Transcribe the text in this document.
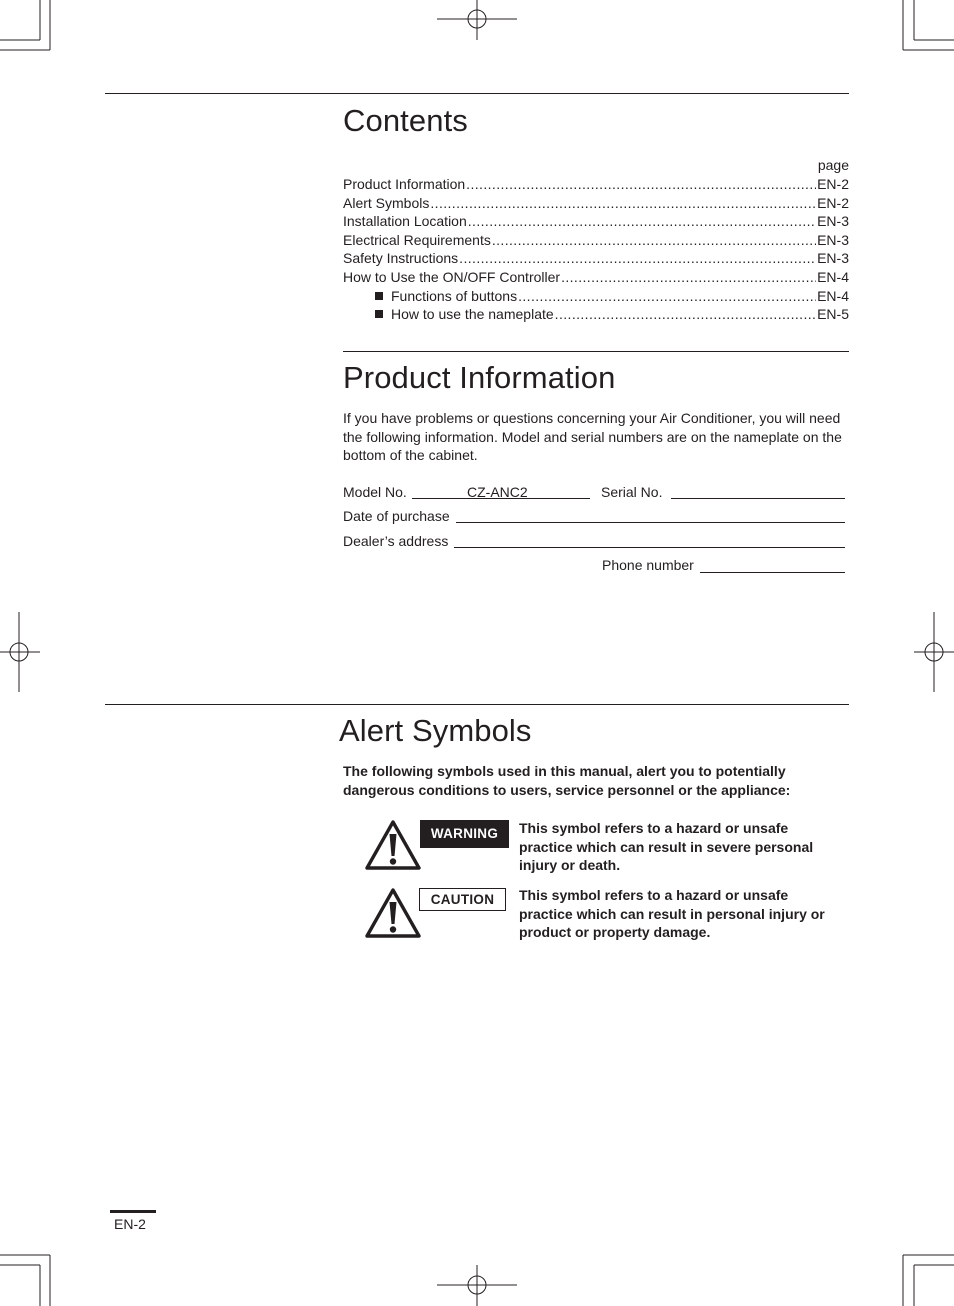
Contents
page
Product Information .....	EN-2
Alert Symbols .....	EN-2
Installation Location .....	EN-3
Electrical Requirements .....	EN-3
Safety Instructions .....	EN-3
How to Use the ON/OFF Controller .....	EN-4
Functions of buttons .....	EN-4
How to use the nameplate .....	EN-5
Product Information

If you have problems or questions concerning your Air Conditioner, you will need the following information. Model and serial numbers are on the nameplate on the bottom of the cabinet.

Model No.	CZ-ANC2	Serial No.
Date of purchase
Dealer’s address
Phone number
Alert Symbols

The following symbols used in this manual, alert you to potentially dangerous conditions to users, service personnel or the appliance:

WARNING	This symbol refers to a hazard or unsafe practice which can result in severe personal injury or death.

CAUTION	This symbol refers to a hazard or unsafe practice which can result in personal injury or product or property damage.

EN-2
